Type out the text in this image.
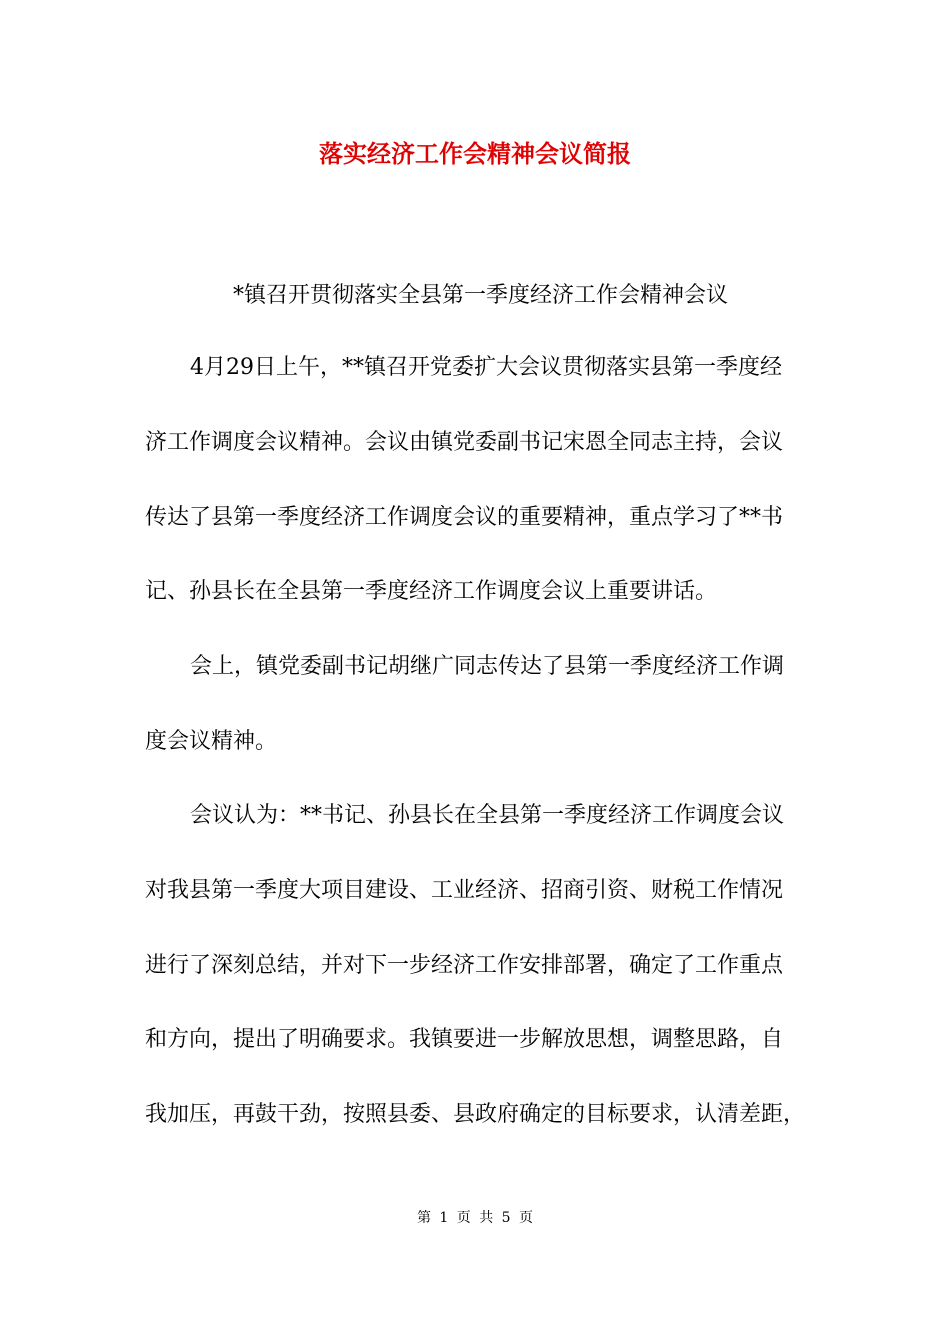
落实经济工作会精神会议简报
*镇召开贯彻落实全县第一季度经济工作会精神会议
4月29日上午，**镇召开党委扩大会议贯彻落实县第一季度经
济工作调度会议精神。会议由镇党委副书记宋恩全同志主持，会议
传达了县第一季度经济工作调度会议的重要精神，重点学习了**书
记、孙县长在全县第一季度经济工作调度会议上重要讲话。
会上，镇党委副书记胡继广同志传达了县第一季度经济工作调
度会议精神。
会议认为：**书记、孙县长在全县第一季度经济工作调度会议
对我县第一季度大项目建设、工业经济、招商引资、财税工作情况
进行了深刻总结，并对下一步经济工作安排部署，确定了工作重点
和方向，提出了明确要求。我镇要进一步解放思想，调整思路，自
我加压，再鼓干劲，按照县委、县政府确定的目标要求，认清差距，
第 1 页 共 5 页
